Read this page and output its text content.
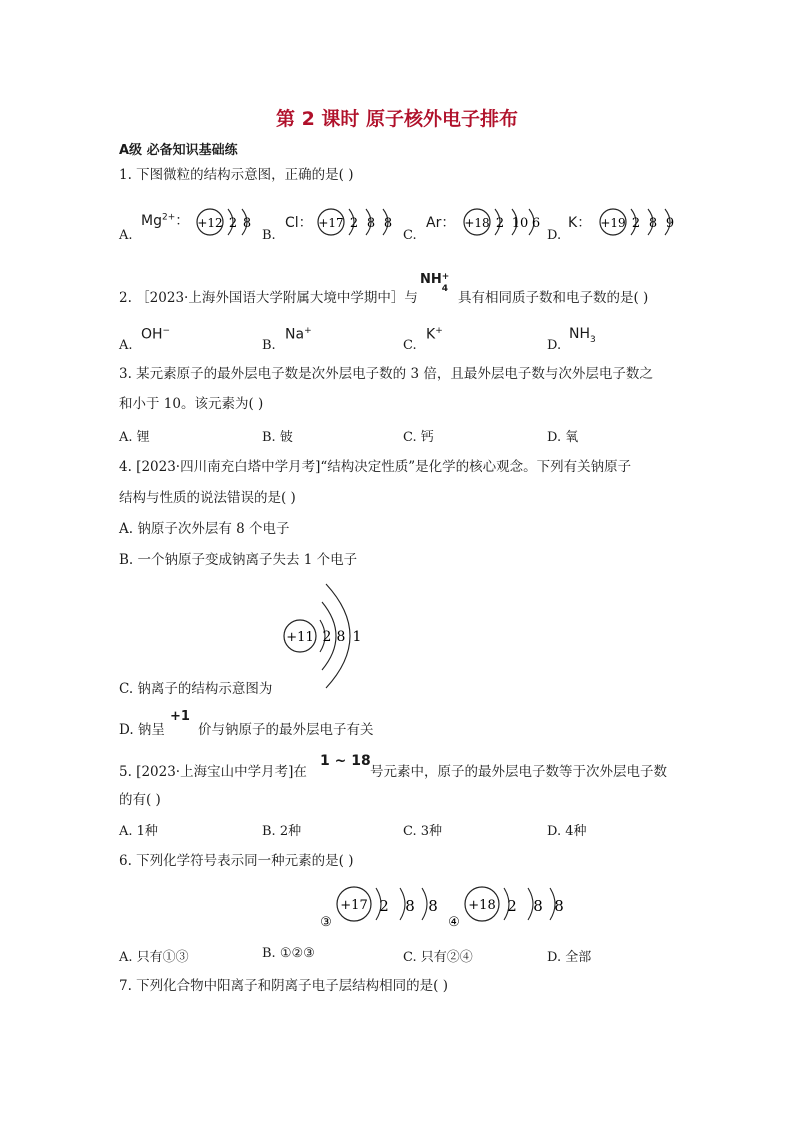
第 2 课时 原子核外电子排布
A级 必备知识基础练
1. 下图微粒的结构示意图，正确的是( )
A.
$Mg^{2+}$： +12 2 8
B.
Cl： +17 2 8 8
C.
Ar： +18 2 10 6
D.
K： +19 2 8 9
2. ［2023·上海外国语大学附属大境中学期中］与
NH +
4
具有相同质子数和电子数的是( )
A.
OH−
B.
Na+
C.
K+
D.
$NH_3$
3. 某元素原子的最外层电子数是次外层电子数的 3 倍，且最外层电子数与次外层电子数之
和小于 10。该元素为( )
A. 锂	B. 铍	C. 钙	D. 氧
4. [2023·四川南充白塔中学月考]“结构决定性质”是化学的核心观念。下列有关钠原子
结构与性质的说法错误的是( )
A. 钠原子次外层有 8 个电子
B. 一个钠原子变成钠离子失去 1 个电子
+11 2 8 1
C. 钠离子的结构示意图为
D. 钠呈
+1
价与钠原子的最外层电子有关
5. [2023·上海宝山中学月考]在
1 ~ 18
号元素中，原子的最外层电子数等于次外层电子数
的有( )
A. 1种	B. 2种	C. 3种	D. 4种
6. 下列化学符号表示同一种元素的是( )
③
+17 2 8 8
④
+18 2 8 8
A. 只有①③	B. ①②③	C. 只有②④	D. 全部
7. 下列化合物中阳离子和阴离子电子层结构相同的是( )
